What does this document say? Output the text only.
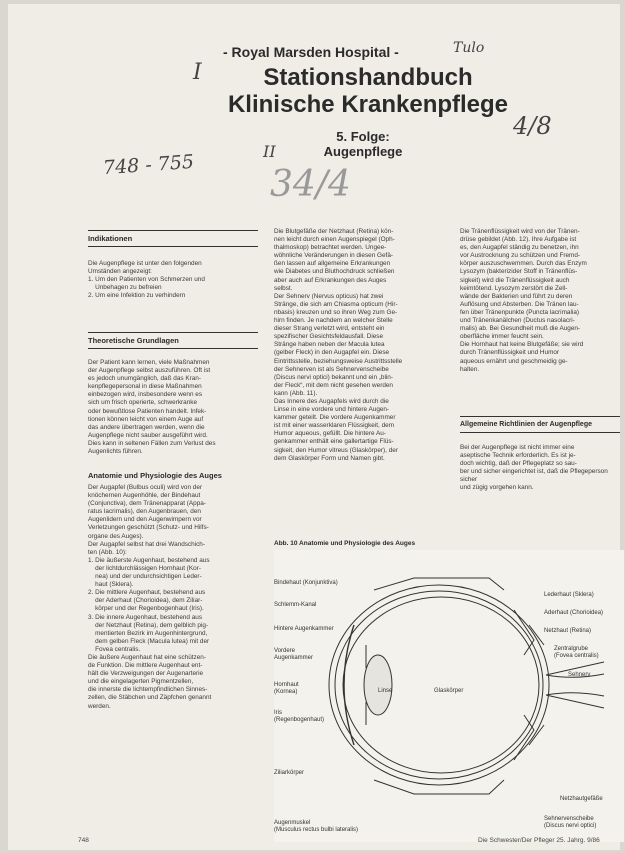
- Royal Marsden Hospital -	Tulo
I
4/8
748 - 755	II
34/4
Stationshandbuch
Klinische Krankenpflege
5. Folge:
Augenpflege
Indikationen
Die Augenpflege ist unter den folgenden
Umständen angezeigt:
1. Um den Patienten von Schmerzen und
Unbehagen zu befreien
2. Um eine Infektion zu verhindern
Theoretische Grundlagen
Der Patient kann lernen, viele Maßnahmen
der Augenpflege selbst auszuführen. Oft ist
es jedoch unumgänglich, daß das Kran-
kenpflegepersonal in diese Maßnahmen
einbezogen wird, insbesondere wenn es
sich um frisch operierte, schwerkranke
oder bewußtlose Patienten handelt. Infek-
tionen können leicht von einem Auge auf
das andere übertragen werden, wenn die
Augenpflege nicht sauber ausgeführt wird.
Dies kann in seltenen Fällen zum Verlust des
Augenlichts führen.
Anatomie und Physiologie des Auges
Der Augapfel (Bulbus oculi) wird von der
knöchernen Augenhöhle, der Bindehaut
(Conjunctiva), dem Tränenapparat (Appa-
ratus lacrimalis), den Augenbrauen, den
Augenlidern und den Augenwimpern vor
Verletzungen geschützt (Schutz- und Hilfs-
organe des Auges).
Der Augapfel selbst hat drei Wandschich-
ten (Abb. 10):
1. Die äußerste Augenhaut, bestehend aus
der lichtdurchlässigen Hornhaut (Kor-
nea) und der undurchsichtigen Leder-
haut (Sklera).
2. Die mittlere Augenhaut, bestehend aus
der Aderhaut (Chorioidea), dem Ziliar-
körper und der Regenbogenhaut (Iris).
3. Die innere Augenhaut, bestehend aus
der Netzhaut (Retina), dem gelblich pig-
mentierten Bezirk im Augenhintergrund,
dem gelben Fleck (Macula lutea) mit der
Fovea centralis.
Die äußere Augenhaut hat eine schützen-
de Funktion. Die mittlere Augenhaut ent-
hält die Verzweigungen der Augenarterie
und die eingelagerten Pigmentzellen,
die innerste die lichtempfindlichen Sinnes-
zellen, die Stäbchen und Zäpfchen genannt
werden.
Die Blutgefäße der Netzhaut (Retina) kön-
nen leicht durch einen Augenspiegel (Oph-
thalmoskop) betrachtet werden. Ungee-
wöhnliche Veränderungen in diesen Gefä-
ßen lassen auf allgemeine Erkrankungen
wie Diabetes und Bluthochdruck schließen
aber auch auf Erkrankungen des Auges
selbst.
Der Sehnerv (Nervus opticus) hat zwei
Stränge, die sich am Chiasma opticum (Hir-
nbasis) kreuzen und so ihren Weg zum Ge-
hirn finden. Je nachdem an welcher Stelle
dieser Strang verletzt wird, entsteht ein
spezifischer Gesichtsfeldausfall. Diese
Stränge haben neben der Macula lutea
(gelber Fleck) in den Augapfel ein. Diese
Eintrittsstelle, beziehungsweise Austrittsstelle
der Sehnerven ist als Sehnervenscheibe
(Discus nervi optici) bekannt und ein „blin-
der Fleck“, mit dem nicht gesehen werden
kann (Abb. 11).
Das Innere des Augapfels wird durch die
Linse in eine vordere und hintere Augen-
kammer geteilt. Die vordere Augenkammer
ist mit einer wasserklaren Flüssigkeit, dem
Humor aqueous, gefüllt. Die hintere Au-
genkammer enthält eine gallertartige Flüs-
sigkeit, den Humor vitreus (Glaskörper), der
dem Glaskörper Form und Namen gibt.
Die Tränenflüssigkeit wird von der Tränen-
drüse gebildet (Abb. 12). Ihre Aufgabe ist
es, den Augapfel ständig zu benetzen, ihn
vor Austrocknung zu schützen und Fremd-
körper auszuschwemmen. Durch das Enzym
Lysozym (bakterizider Stoff in Tränenflüs-
sigkeit) wird die Tränenflüssigkeit auch
keimtötend. Lysozym zerstört die Zell-
wände der Bakterien und führt zu deren
Auflösung und Absterben. Die Tränen lau-
fen über Tränenpunkte (Puncta lacrimalia)
und Tränenkanälchen (Ductus nasolacri-
malis) ab. Bei Gesundheit muß die Augen-
oberfläche immer feucht sein.
Die Hornhaut hat keine Blutgefäße; sie wird
durch Tränenflüssigkeit und Humor
aqueous ernährt und geschmeidig ge-
halten.
Allgemeine Richtlinien der Augenpflege
Bei der Augenpflege ist nicht immer eine
aseptische Technik erforderlich. Es ist je-
doch wichtig, daß der Pflegeplatz so sau-
ber und sicher eingerichtet ist, daß die Pflegeperson sicher
und zügig vorgehen kann.
Abb. 10 Anatomie und Physiologie des Auges
Bindehaut (Konjunktiva)
Schlemm-Kanal
Hintere Augenkammer
Vordere
Augenkammer
Hornhaut
(Kornea)
Iris
(Regenbogenhaut)
Ziliarkörper
Augenmuskel
(Musculus rectus bulbi lateralis)
Linse	Glaskörper
Lederhaut (Sklera)
Aderhaut (Chorioidea)
Netzhaut (Retina)
Zentralgrube
(Fovea centralis)
Sehnerv
Netzhautgefäße
Sehnervenscheibe
(Discus nervi optici)
748	Die Schwester/Der Pfleger 25. Jahrg. 9/86
